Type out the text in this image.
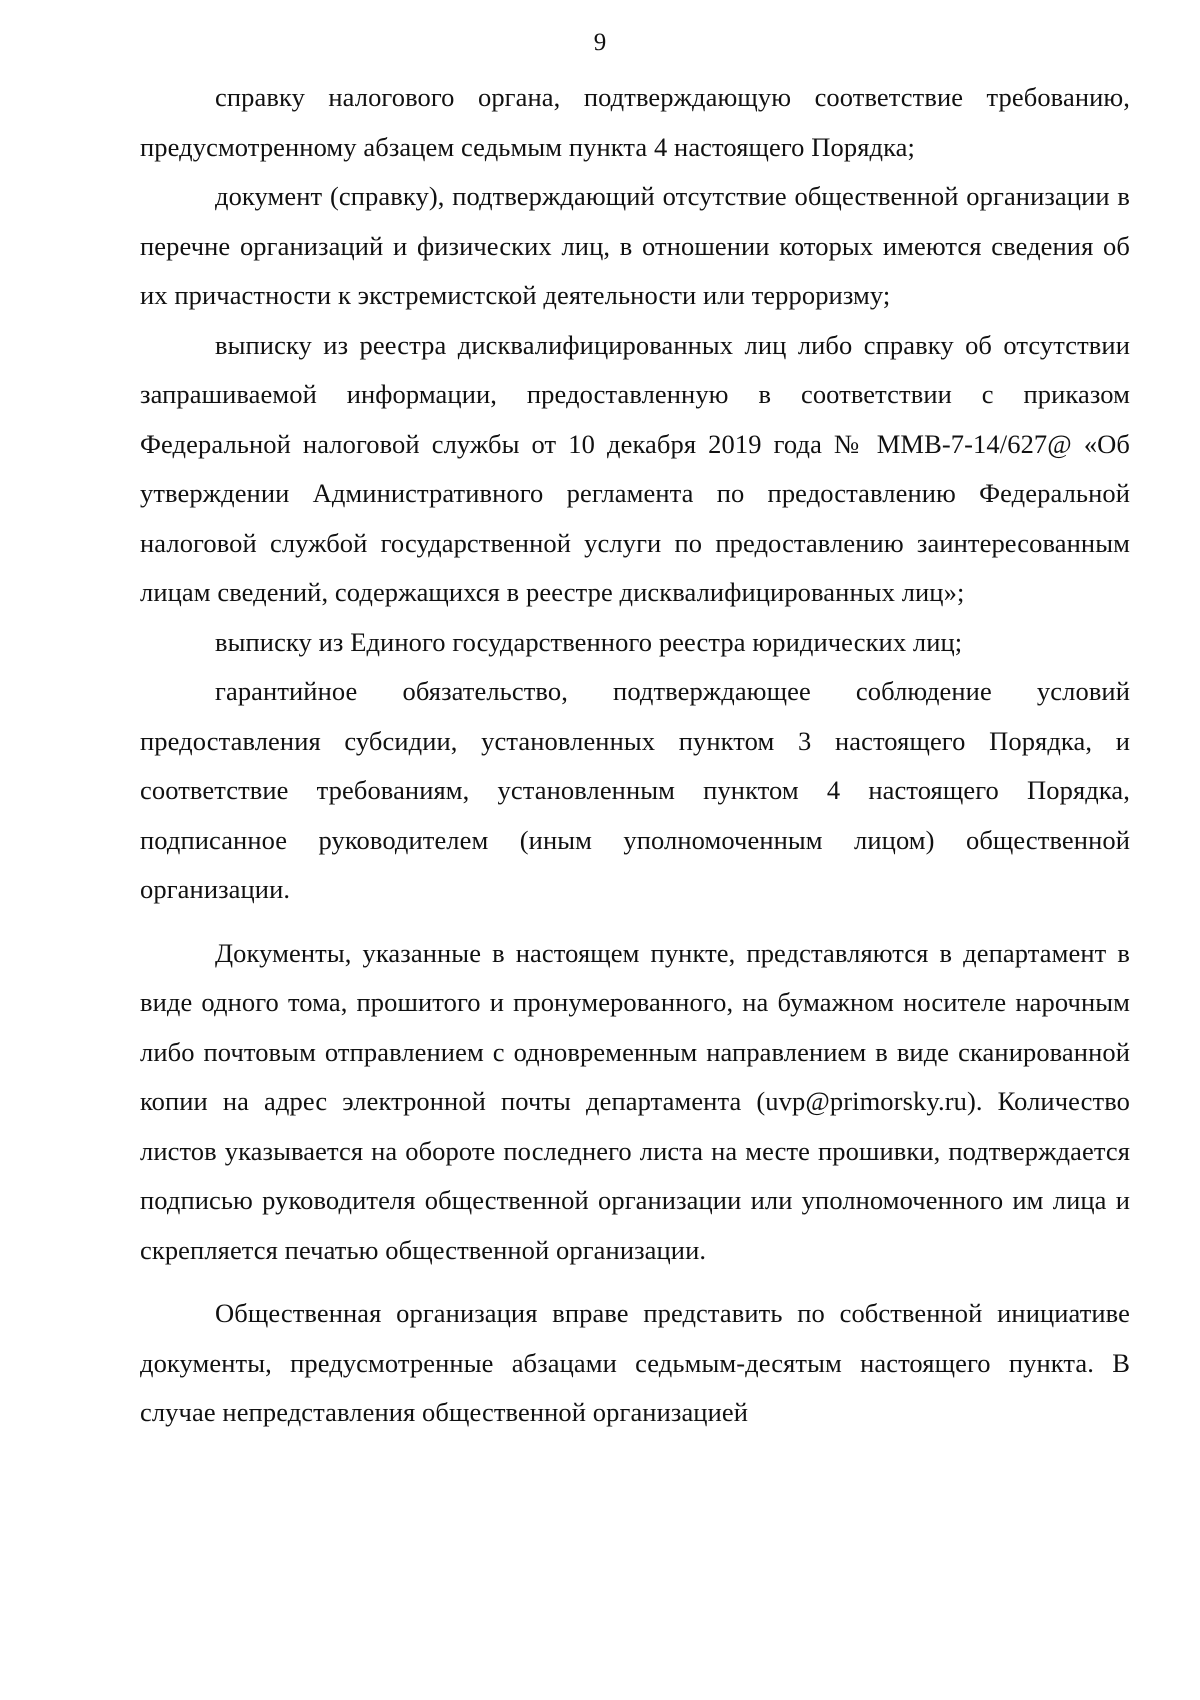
9

справку налогового органа, подтверждающую соответствие требованию, предусмотренному абзацем седьмым пункта 4 настоящего Порядка;

документ (справку), подтверждающий отсутствие общественной организации в перечне организаций и физических лиц, в отношении которых имеются сведения об их причастности к экстремистской деятельности или терроризму;

выписку из реестра дисквалифицированных лиц либо справку об отсутствии запрашиваемой информации, предоставленную в соответствии с приказом Федеральной налоговой службы от 10 декабря 2019 года № ММВ-7-14/627@ «Об утверждении Административного регламента по предоставлению Федеральной налоговой службой государственной услуги по предоставлению заинтересованным лицам сведений, содержащихся в реестре дисквалифицированных лиц»;

выписку из Единого государственного реестра юридических лиц;

гарантийное обязательство, подтверждающее соблюдение условий предоставления субсидии, установленных пунктом 3 настоящего Порядка, и соответствие требованиям, установленным пунктом 4 настоящего Порядка, подписанное руководителем (иным уполномоченным лицом) общественной организации.

Документы, указанные в настоящем пункте, представляются в департамент в виде одного тома, прошитого и пронумерованного, на бумажном носителе нарочным либо почтовым отправлением с одновременным направлением в виде сканированной копии на адрес электронной почты департамента (uvp@primorsky.ru). Количество листов указывается на обороте последнего листа на месте прошивки, подтверждается подписью руководителя общественной организации или уполномоченного им лица и скрепляется печатью общественной организации.

Общественная организация вправе представить по собственной инициативе документы, предусмотренные абзацами седьмым-десятым настоящего пункта. В случае непредставления общественной организацией
